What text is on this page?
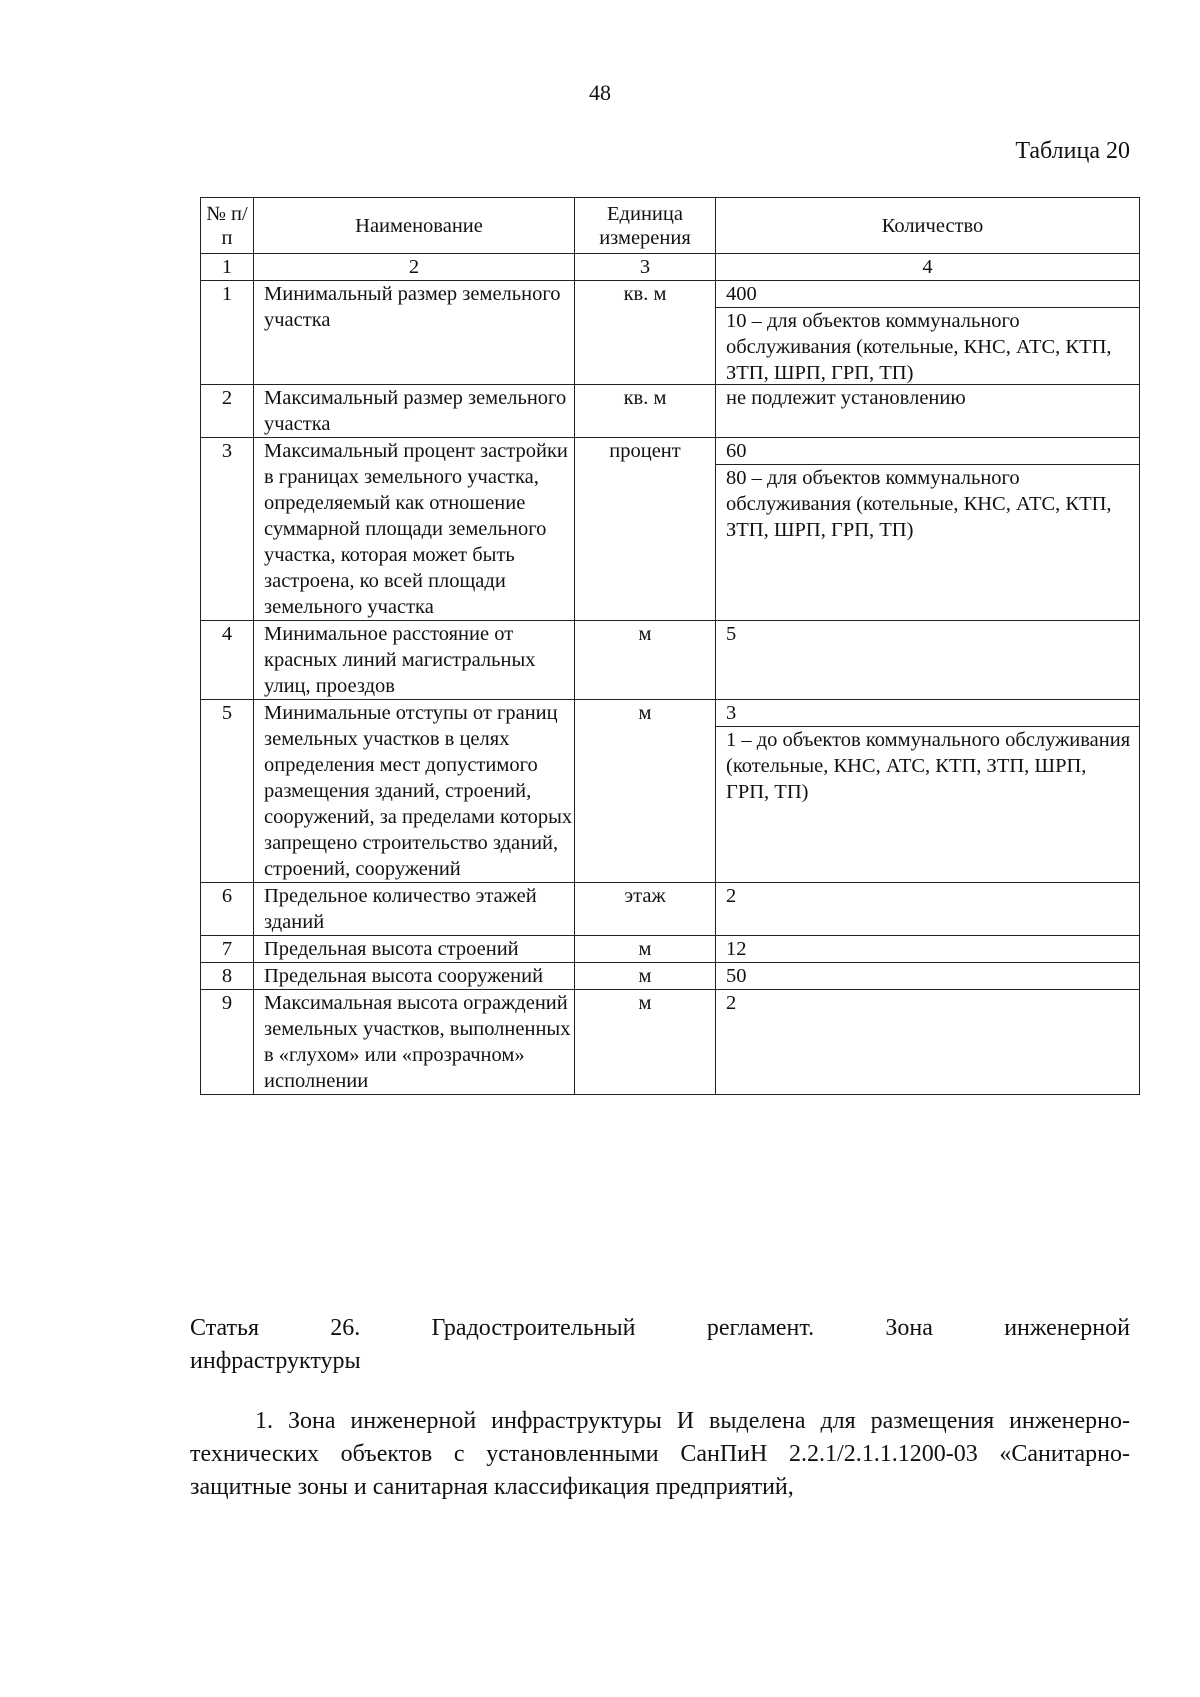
48
Таблица 20
№ п/п	Наименование	Единица измерения	Количество
1	2	3	4
1	Минимальный размер земельного участка	кв. м	400
10 – для объектов коммунального обслуживания (котельные, КНС, АТС, КТП, ЗТП, ШРП, ГРП, ТП)

2	Максимальный размер земельного участка	кв. м	не подлежит установлению

3	Максимальный процент застройки в границах земельного участка, определяемый как отношение суммарной площади земельного участка, которая может быть застроена, ко всей площади земельного участка	процент	60
80 – для объектов коммунального обслуживания (котельные, КНС, АТС, КТП, ЗТП, ШРП, ГРП, ТП)

4	Минимальное расстояние от красных линий магистральных улиц, проездов	м	5

5	Минимальные отступы от границ земельных участков в целях определения мест допустимого размещения зданий, строений, сооружений, за пределами которых запрещено строительство зданий, строений, сооружений	м	3
1 – до объектов коммунального обслуживания (котельные, КНС, АТС, КТП, ЗТП, ШРП, ГРП, ТП)

6	Предельное количество этажей зданий	этаж	2

7	Предельная высота строений	м	12

8	Предельная высота сооружений	м	50

9	Максимальная высота ограждений земельных участков, выполненных в «глухом» или «прозрачном» исполнении	м	2
Статья	26.	Градостроительный	регламент.	Зона	инженерной
инфраструктуры
1. Зона инженерной инфраструктуры И выделена для размещения инженерно-технических объектов с установленными СанПиН 2.2.1/2.1.1.1200-03 «Санитарно-защитные зоны и санитарная классификация предприятий,
